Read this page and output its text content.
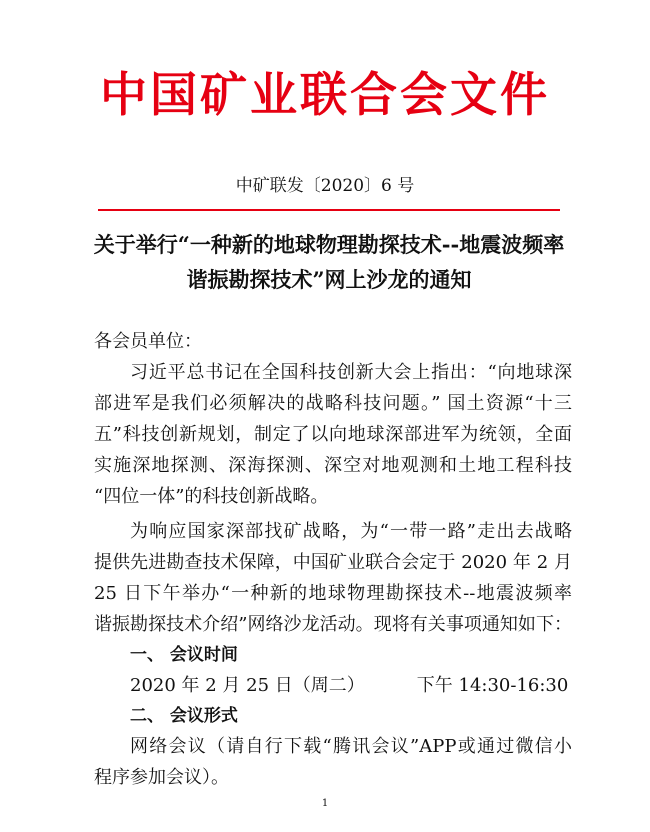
中国矿业联合会文件
中矿联发〔2020〕6 号
关于举行“一种新的地球物理勘探技术--地震波频率
谐振勘探技术”网上沙龙的通知
各会员单位：
习近平总书记在全国科技创新大会上指出：“向地球深
部进军是我们必须解决的战略科技问题。” 国土资源“十三
五”科技创新规划，制定了以向地球深部进军为统领，全面
实施深地探测、深海探测、深空对地观测和土地工程科技
“四位一体”的科技创新战略。
为响应国家深部找矿战略，为“一带一路”走出去战略
提供先进勘查技术保障，中国矿业联合会定于 2020 年 2 月
25 日下午举办“一种新的地球物理勘探技术--地震波频率
谐振勘探技术介绍”网络沙龙活动。现将有关事项通知如下：
一、 会议时间
2020 年 2 月 25 日（周二）	下午 14:30-16:30
二、 会议形式
网络会议（请自行下载“腾讯会议”APP或通过微信小
程序参加会议）。
1
